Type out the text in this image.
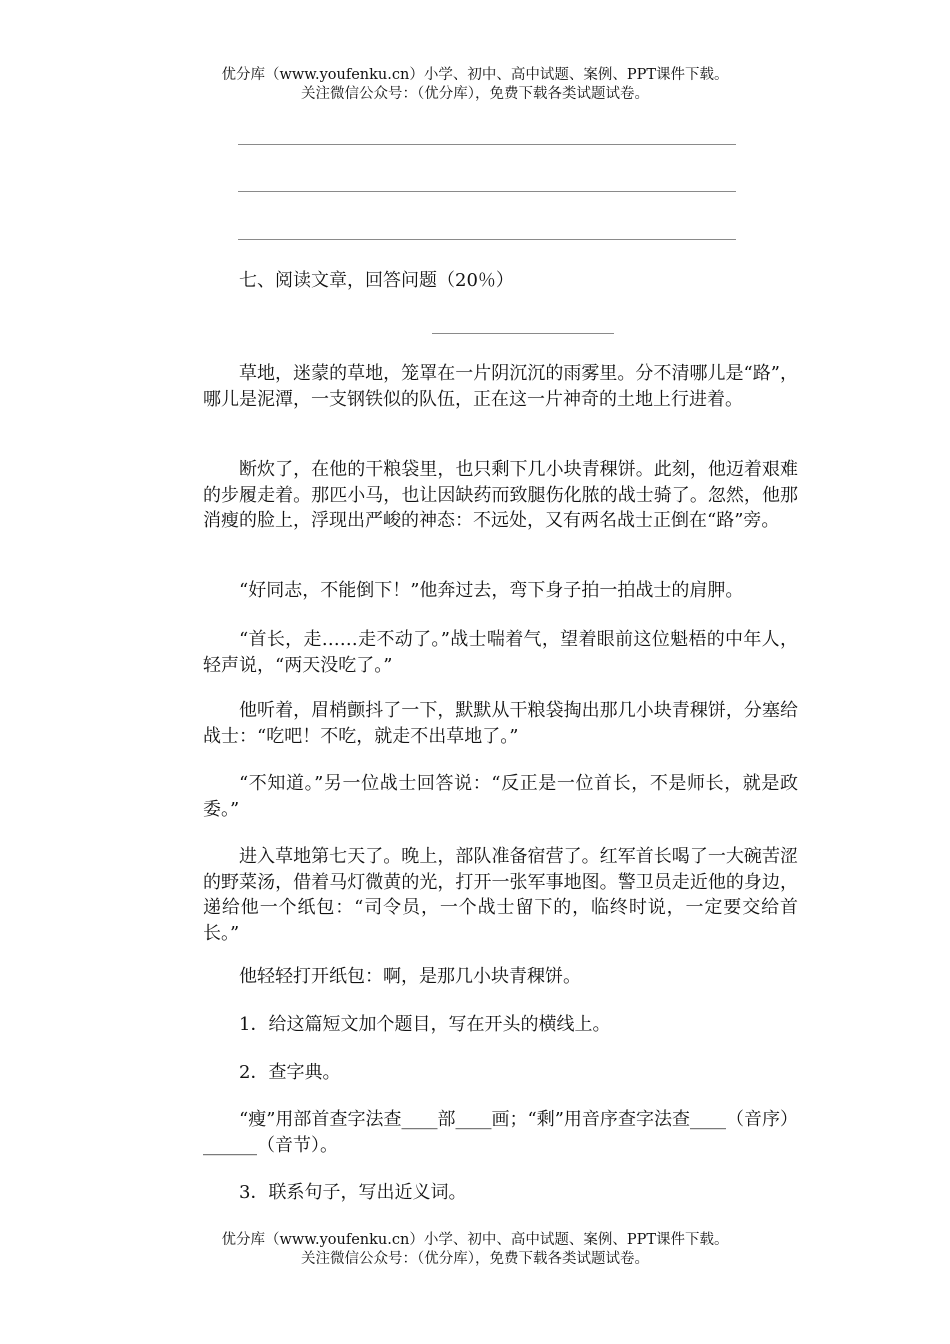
优分库（www.youfenku.cn）小学、初中、高中试题、案例、PPT课件下载。
关注微信公众号：（优分库），免费下载各类试题试卷。

七、阅读文章，回答问题（20％）

草地，迷蒙的草地，笼罩在一片阴沉沉的雨雾里。分不清哪儿是“路”，哪儿是泥潭，一支钢铁似的队伍，正在这一片神奇的土地上行进着。

断炊了，在他的干粮袋里，也只剩下几小块青稞饼。此刻，他迈着艰难的步履走着。那匹小马，也让因缺药而致腿伤化脓的战士骑了。忽然，他那消瘦的脸上，浮现出严峻的神态：不远处，又有两名战士正倒在“路”旁。

“好同志，不能倒下！”他奔过去，弯下身子拍一拍战士的肩胛。

“首长，走……走不动了。”战士喘着气，望着眼前这位魁梧的中年人，轻声说，“两天没吃了。”

他听着，眉梢颤抖了一下，默默从干粮袋掏出那几小块青稞饼，分塞给战士：“吃吧！不吃，就走不出草地了。”

“不知道。”另一位战士回答说：“反正是一位首长，不是师长，就是政委。”

进入草地第七天了。晚上，部队准备宿营了。红军首长喝了一大碗苦涩的野菜汤，借着马灯微黄的光，打开一张军事地图。警卫员走近他的身边，递给他一个纸包：“司令员，一个战士留下的，临终时说，一定要交给首长。”

他轻轻打开纸包：啊，是那几小块青稞饼。

1．给这篇短文加个题目，写在开头的横线上。

2．查字典。

“瘦”用部首查字法查____部____画；“剩”用音序查字法查____（音序）______（音节）。

3．联系句子，写出近义词。

优分库（www.youfenku.cn）小学、初中、高中试题、案例、PPT课件下载。
关注微信公众号：（优分库），免费下载各类试题试卷。
